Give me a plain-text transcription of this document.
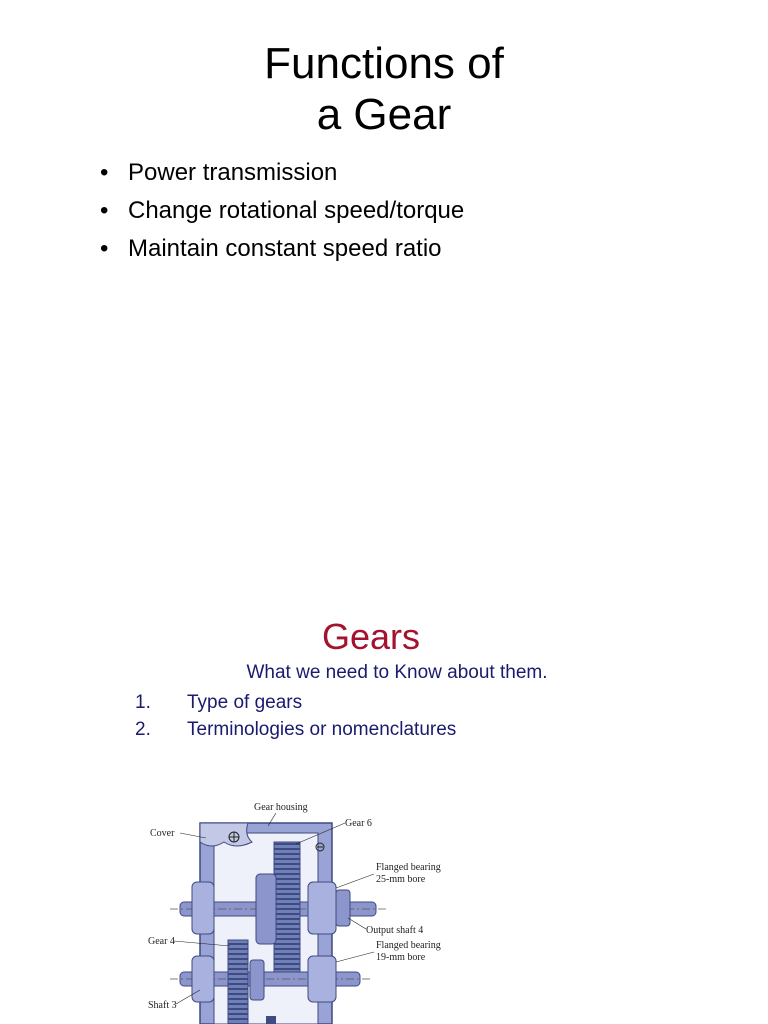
Functions of
a Gear
• Power transmission
• Change rotational speed/torque
• Maintain constant speed ratio
Gears
What we need to Know about them.
1. Type of gears
2. Terminologies or nomenclatures
Gear housing
Cover
Gear 6
Flanged bearing
25-mm bore
Output shaft 4
Gear 4	Flanged bearing
19-mm bore
Shaft 3
